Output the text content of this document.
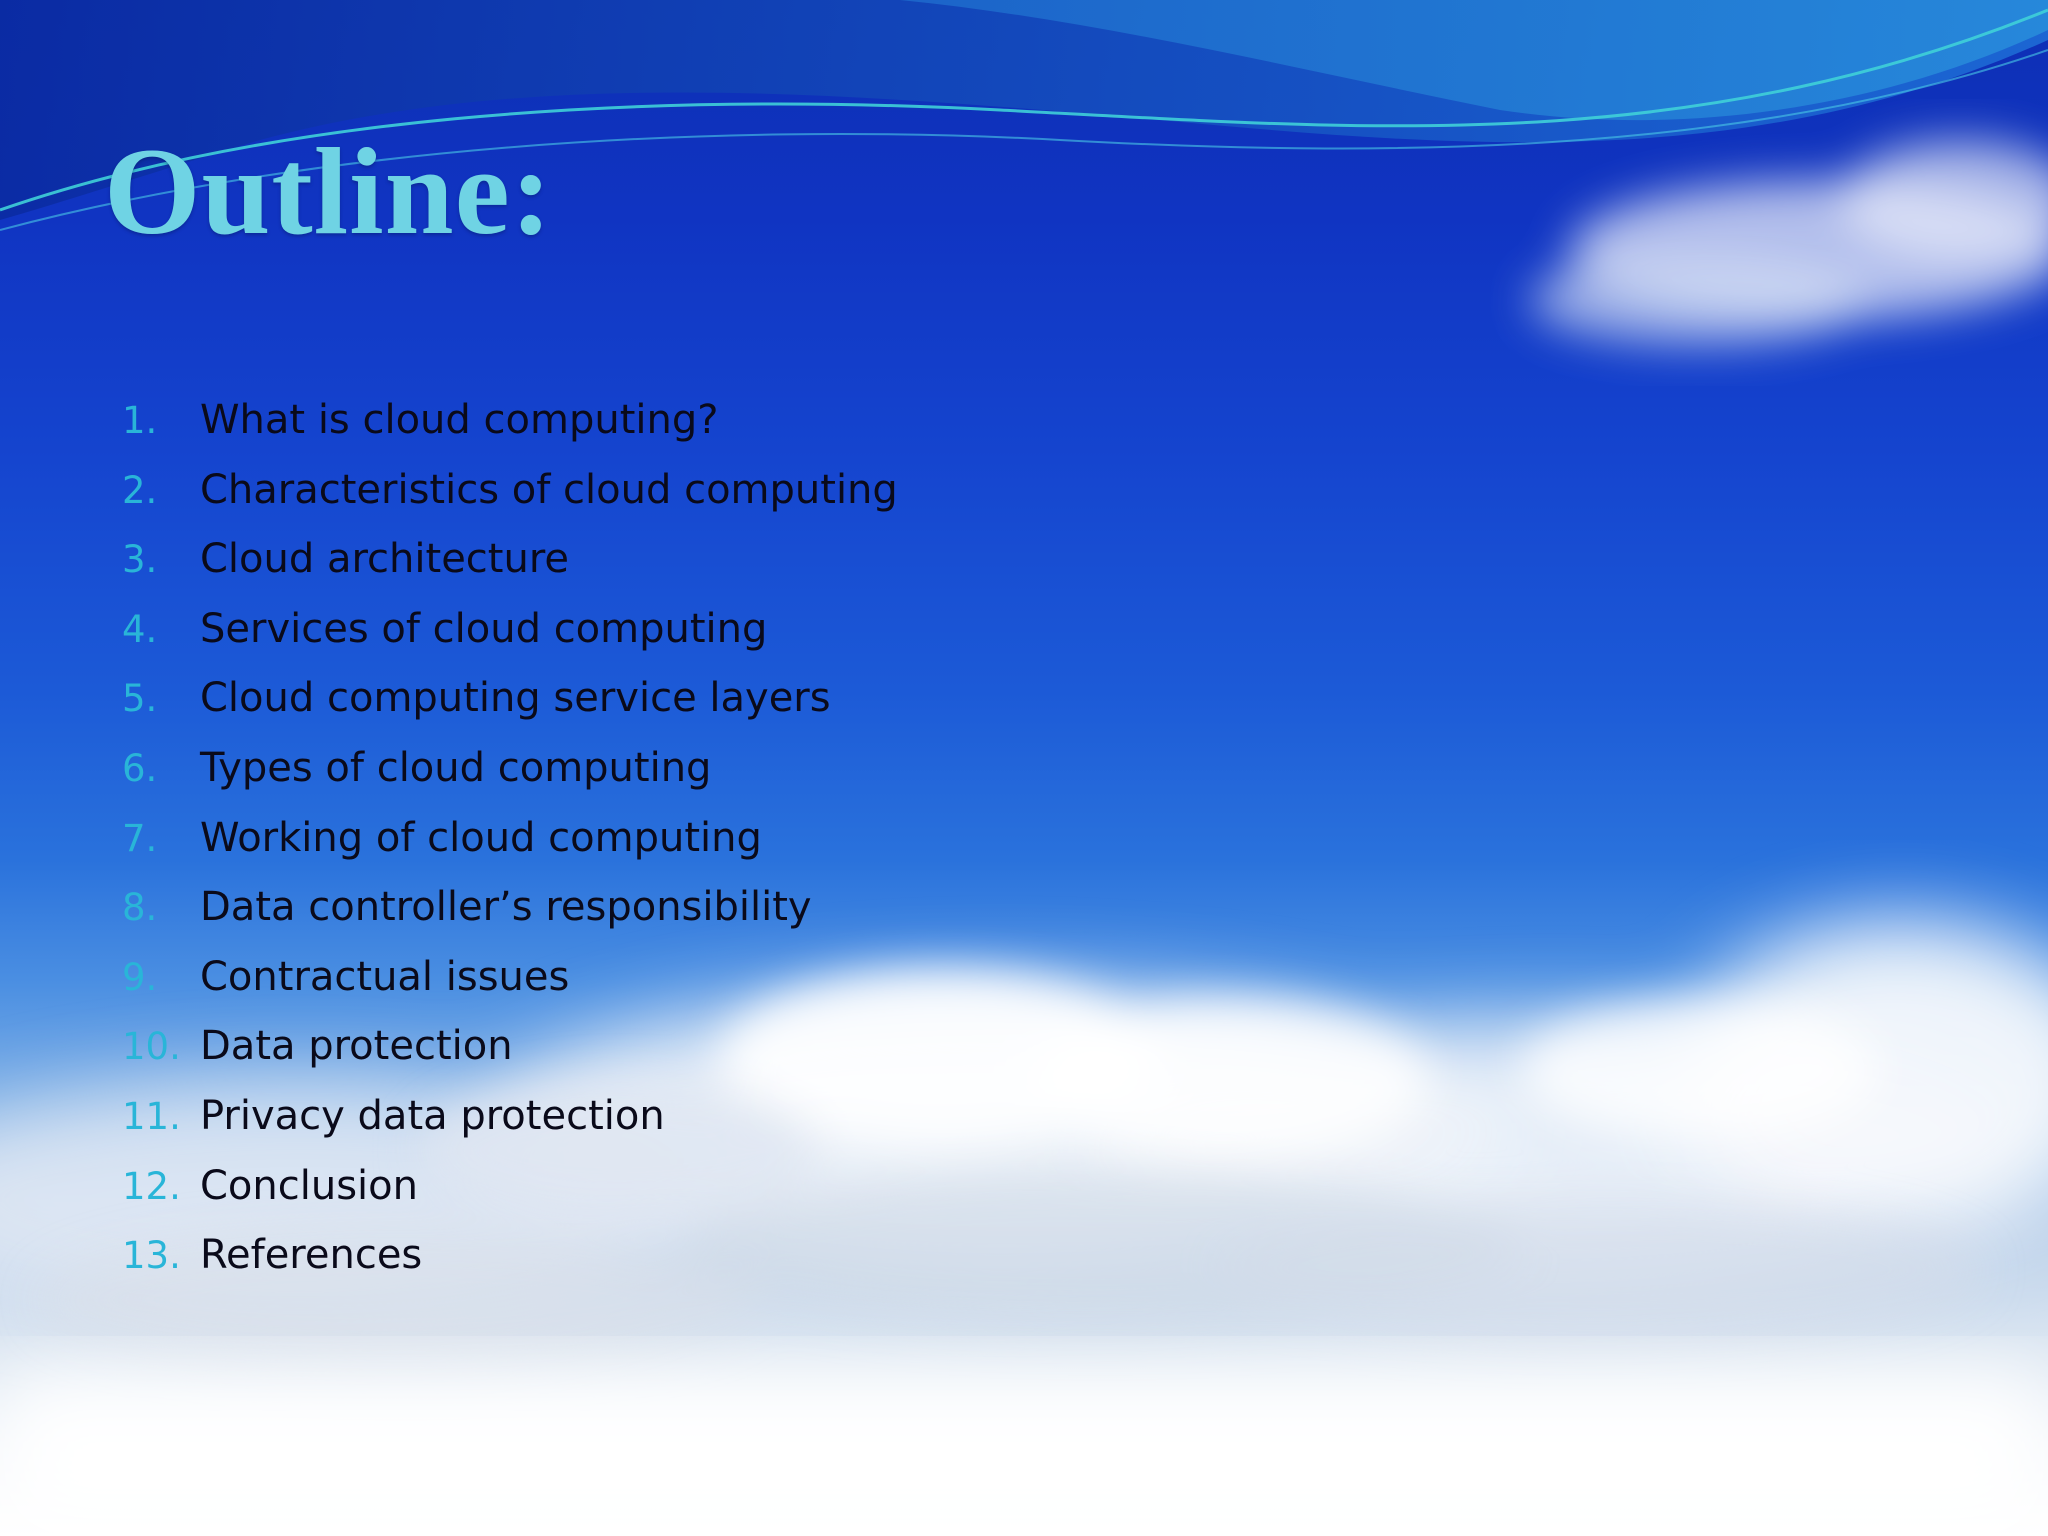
Outline:
1.	What is cloud computing?
2.	Characteristics of cloud computing
3.	Cloud architecture
4.	Services of cloud computing
5.	Cloud computing service layers
6.	Types of cloud computing
7.	Working of cloud computing
8.	Data controller’s responsibility
9.	Contractual issues
10. Data protection
11. Privacy data protection
12. Conclusion
13. References
